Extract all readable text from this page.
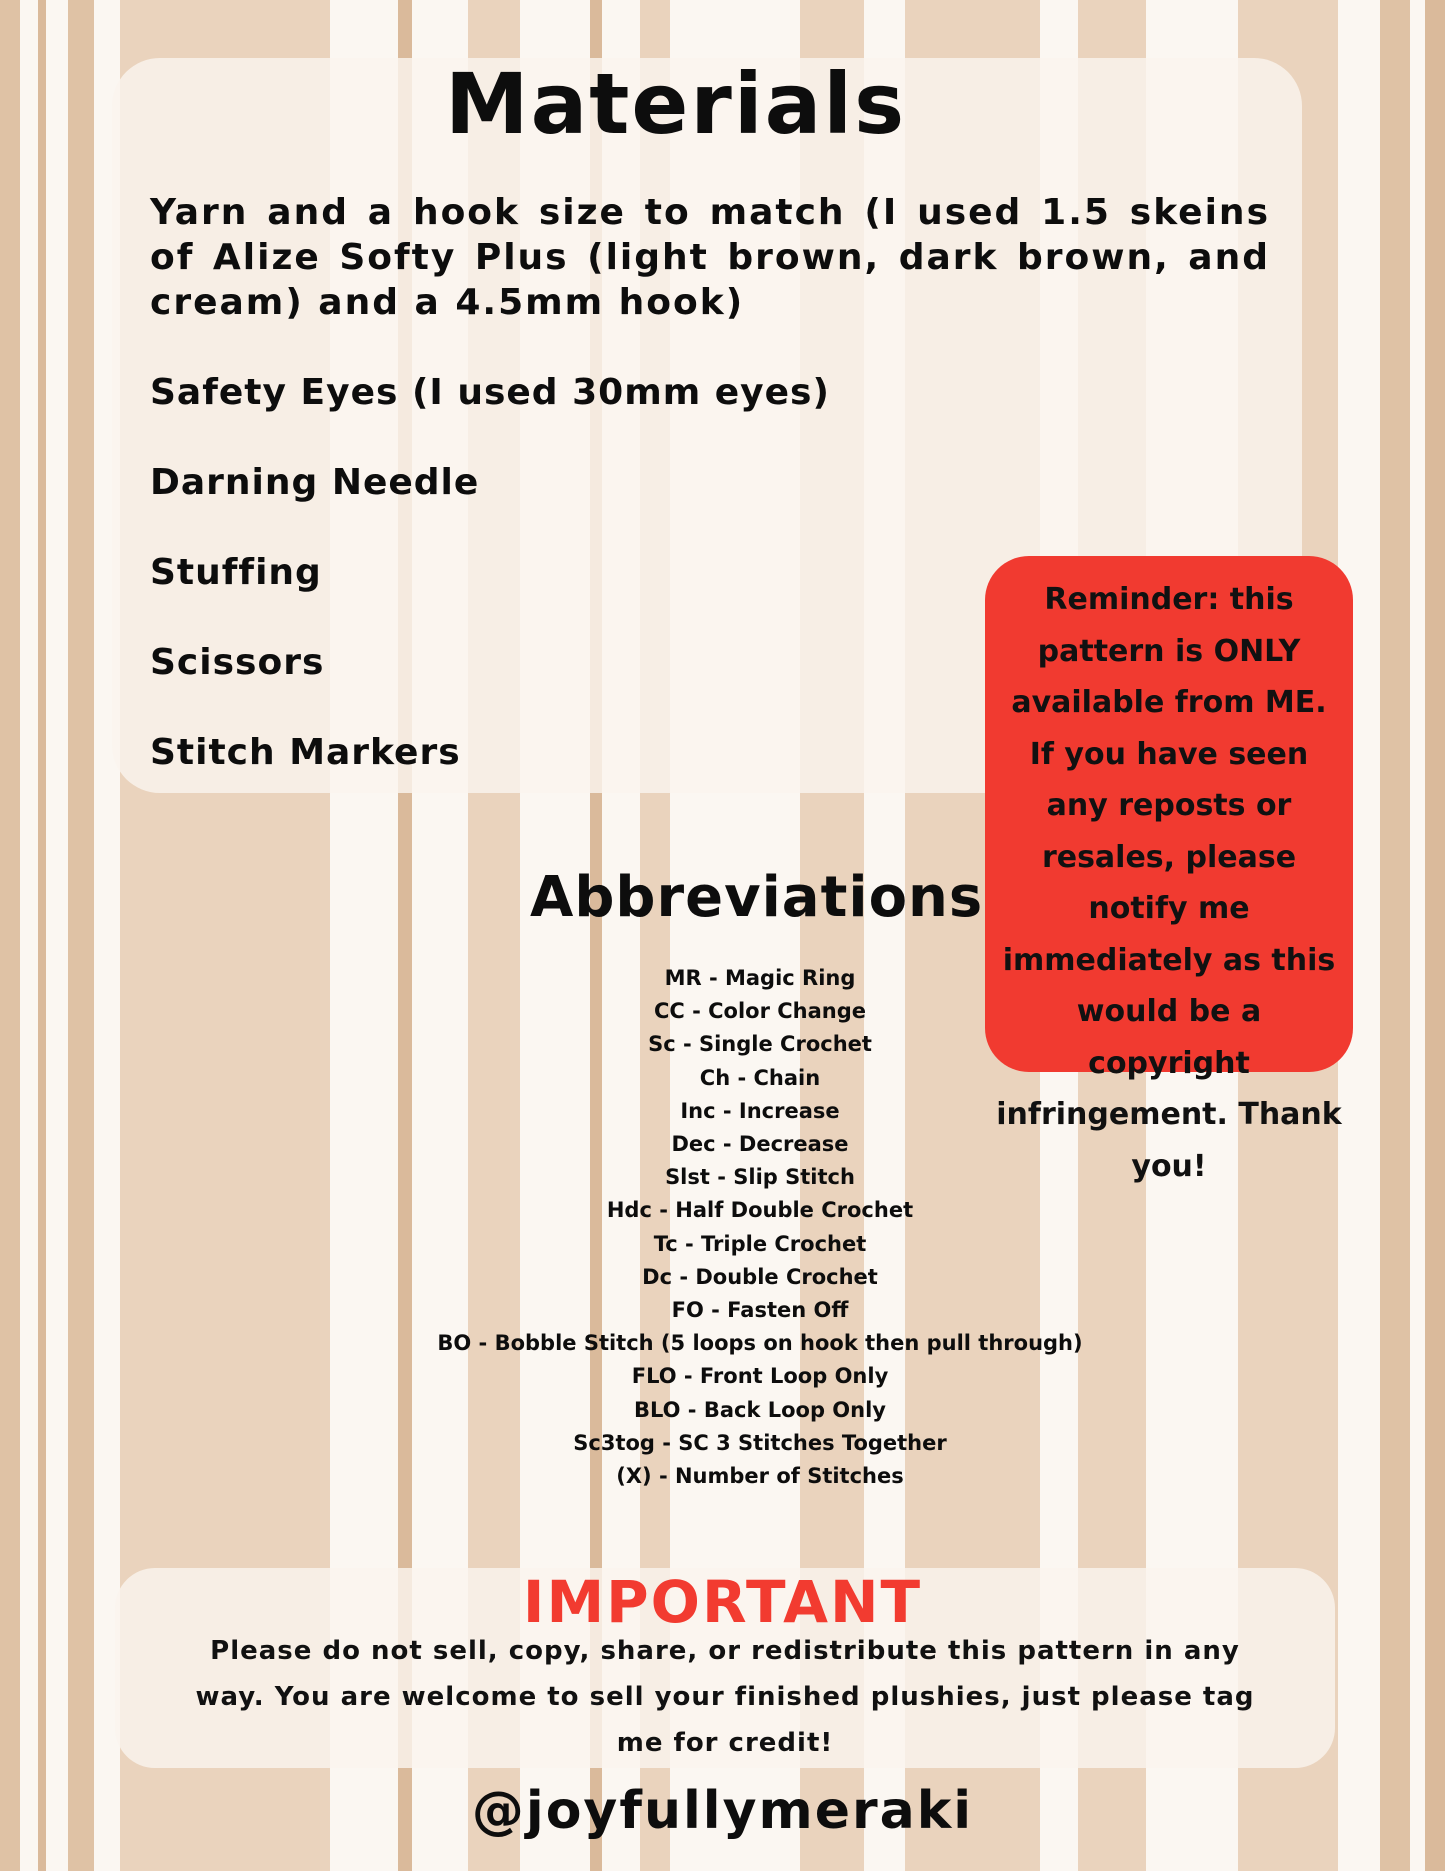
Materials

Yarn and a hook size to match (I used 1.5 skeins of Alize Softy Plus (light brown, dark brown, and cream) and a 4.5mm hook)

Safety Eyes (I used 30mm eyes)

Darning Needle

Stuffing

Scissors

Stitch Markers

Reminder: this pattern is ONLY available from ME. If you have seen any reposts or resales, please notify me immediately as this would be a copyright infringement. Thank you!

Abbreviations
MR - Magic Ring
CC - Color Change
Sc - Single Crochet
Ch - Chain
Inc - Increase
Dec - Decrease
Slst - Slip Stitch
Hdc - Half Double Crochet
Tc - Triple Crochet
Dc - Double Crochet
FO - Fasten Off
BO - Bobble Stitch (5 loops on hook then pull through)
FLO - Front Loop Only
BLO - Back Loop Only
Sc3tog - SC 3 Stitches Together
(X) - Number of Stitches
IMPORTANT

Please do not sell, copy, share, or redistribute this pattern in any way. You are welcome to sell your finished plushies, just please tag me for credit!

@joyfullymeraki
